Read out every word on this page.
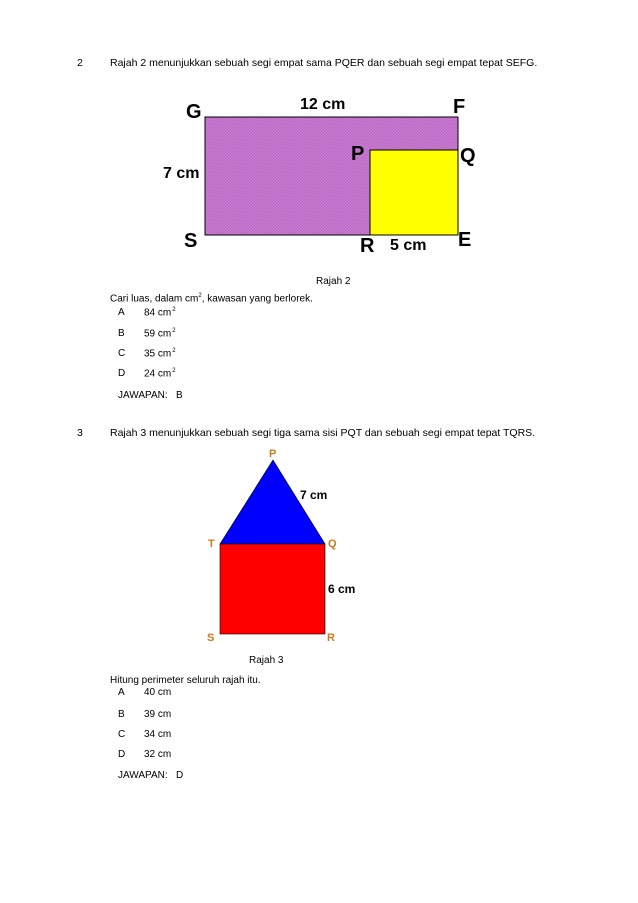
2	Rajah 2 menunjukkan sebuah segi empat sama PQER dan sebuah segi empat tepat SEFG.
G	F
P	Q
S	R	E
12 cm
7 cm
5 cm
P
T	Q
S	R
7 cm
6 cm
Rajah 2
Cari luas, dalam $cm^2$, kawasan yang berlorek.
A 84 $cm^2$
B 59 $cm^2$
C 35 $cm^2$
D 24 $cm^2$
JAWAPAN: B
3	Rajah 3 menunjukkan sebuah segi tiga sama sisi PQT dan sebuah segi empat tepat TQRS.
Rajah 3
Hitung perimeter seluruh rajah itu.
A 40 cm
B 39 cm
C 34 cm
D 32 cm
JAWAPAN: D
